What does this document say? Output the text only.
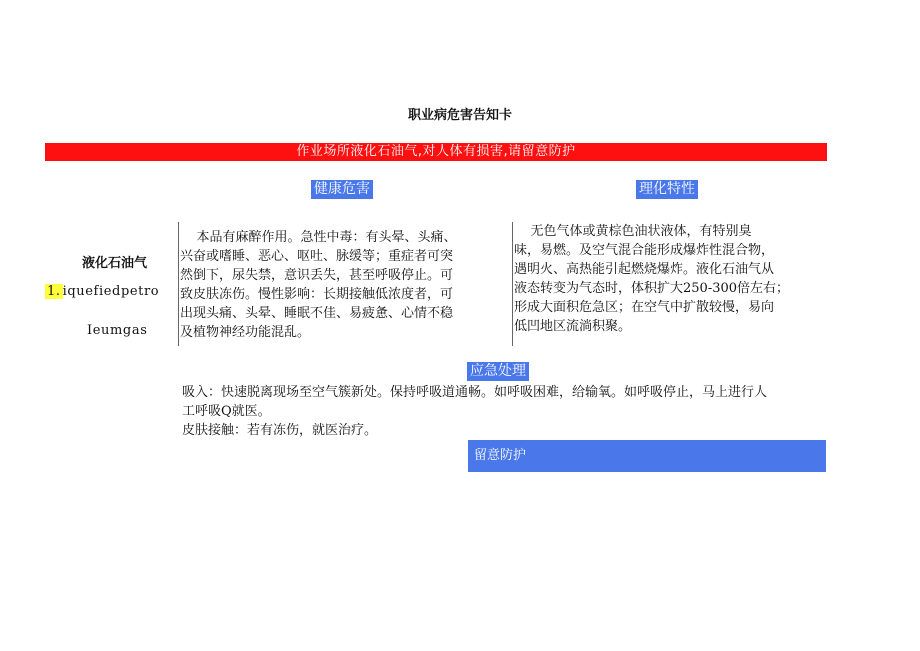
职业病危害告知卡
作业场所液化石油气,对人体有损害,请留意防护
健康危害	理化特性
液化石油气
1. iquefiedpetro
Ieumgas
本品有麻醉作用。急性中毒：有头晕、头痛、
兴奋或嗜睡、恶心、呕吐、脉缓等；重症者可突
然倒下，尿失禁，意识丢失，甚至呼吸停止。可
致皮肤冻伤。慢性影响：长期接触低浓度者，可
出现头痛、头晕、睡眠不佳、易疲惫、心情不稳
及植物神经功能混乱。
无色气体或黄棕色油状液体，有特别臭
味，易燃。及空气混合能形成爆炸性混合物，
遇明火、高热能引起燃烧爆炸。液化石油气从
液态转变为气态时，体积扩大250-300倍左右；
形成大面积危急区；在空气中扩散较慢，易向
低凹地区流淌积聚。
应急处理
吸入：快速脱离现场至空气簇新处。保持呼吸道通畅。如呼吸困难，给输氧。如呼吸停止，马上进行人
工呼吸Q就医。
皮肤接触：若有冻伤，就医治疗。
留意防护
